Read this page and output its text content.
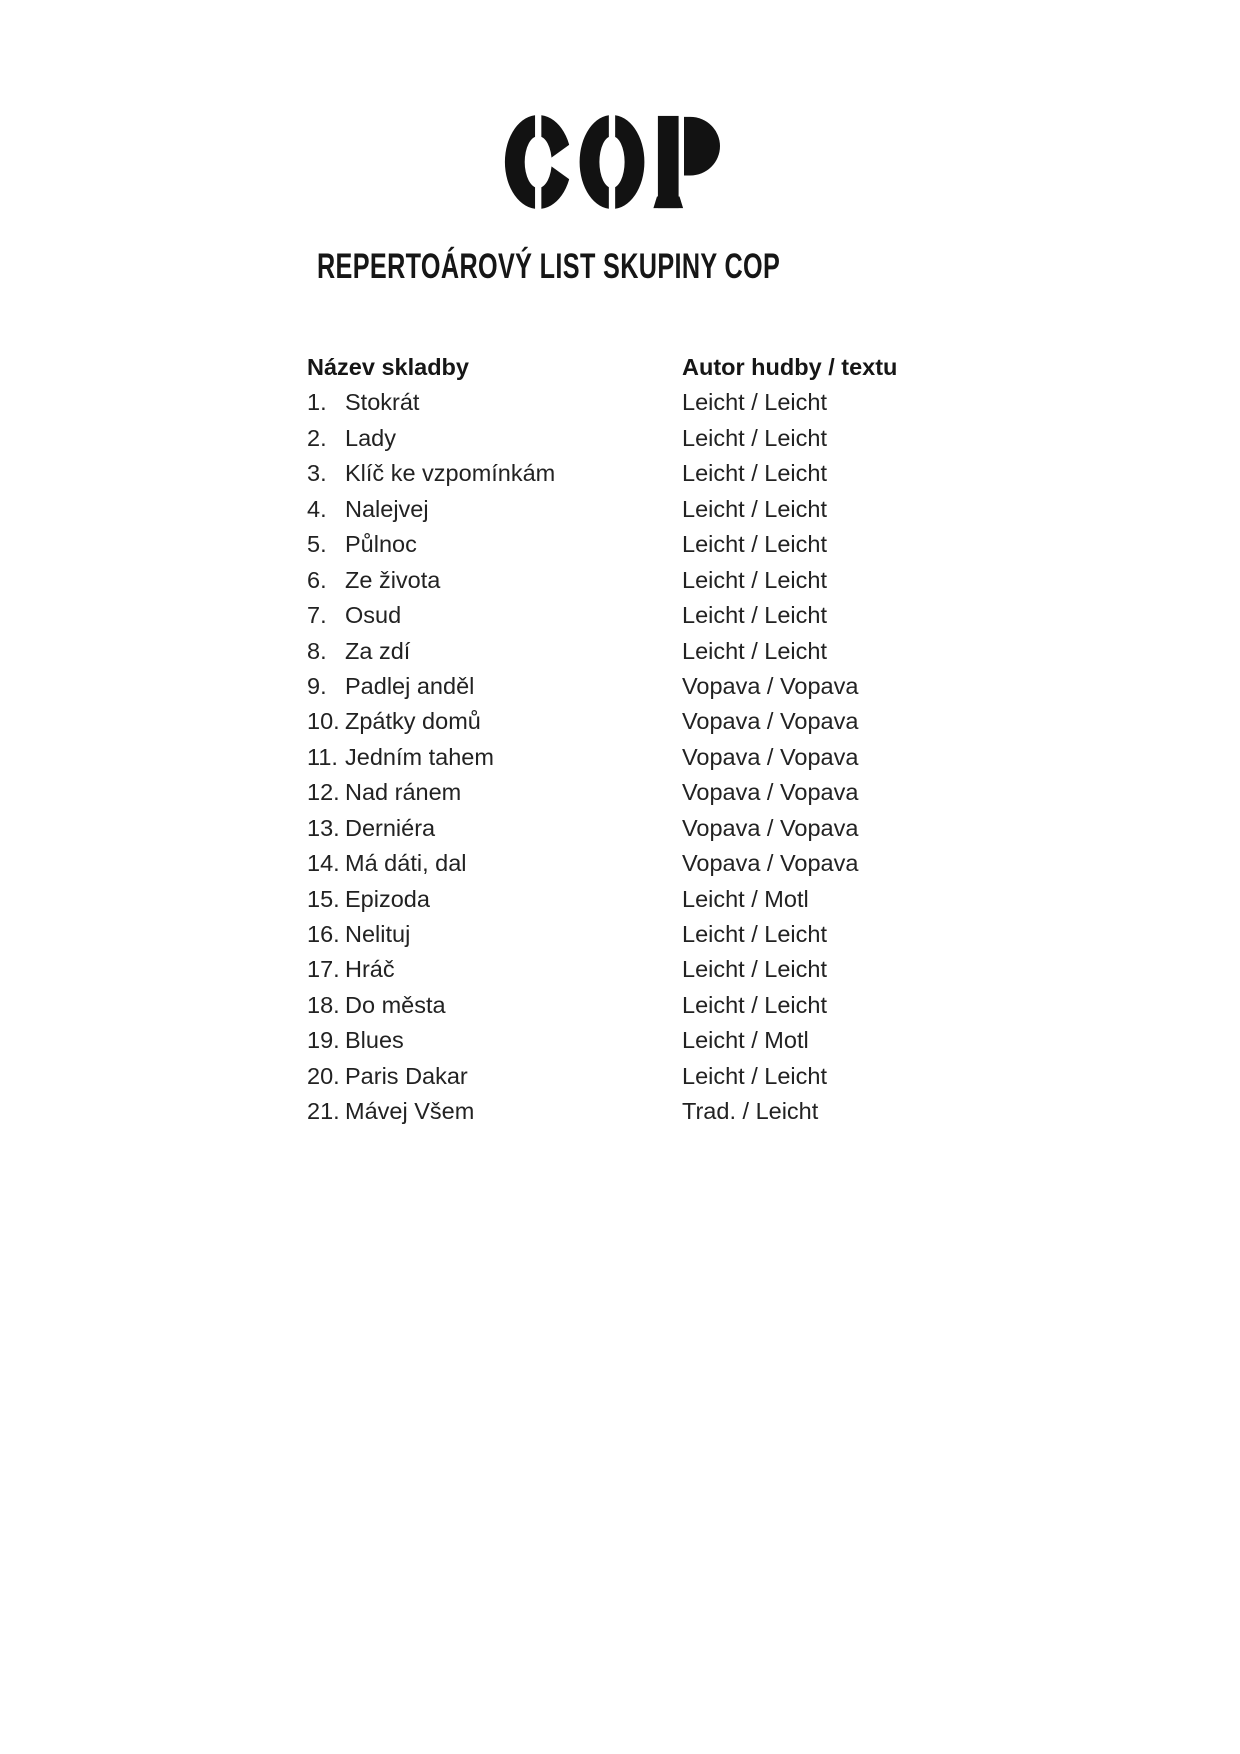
REPERTOÁROVÝ LIST SKUPINY COP
Název skladby	Autor hudby / textu
1. Stokrát	Leicht / Leicht
2. Lady	Leicht / Leicht
3. Klíč ke vzpomínkám	Leicht / Leicht
4. Nalejvej	Leicht / Leicht
5. Půlnoc	Leicht / Leicht
6. Ze života	Leicht / Leicht
7. Osud	Leicht / Leicht
8. Za zdí	Leicht / Leicht
9. Padlej anděl	Vopava / Vopava
10. Zpátky domů	Vopava / Vopava
11. Jedním tahem	Vopava / Vopava
12. Nad ránem	Vopava / Vopava
13. Derniéra	Vopava / Vopava
14. Má dáti, dal	Vopava / Vopava
15. Epizoda	Leicht / Motl
16. Nelituj	Leicht / Leicht
17. Hráč	Leicht / Leicht
18. Do města	Leicht / Leicht
19. Blues	Leicht / Motl
20. Paris Dakar	Leicht / Leicht
21. Mávej Všem	Trad. / Leicht
